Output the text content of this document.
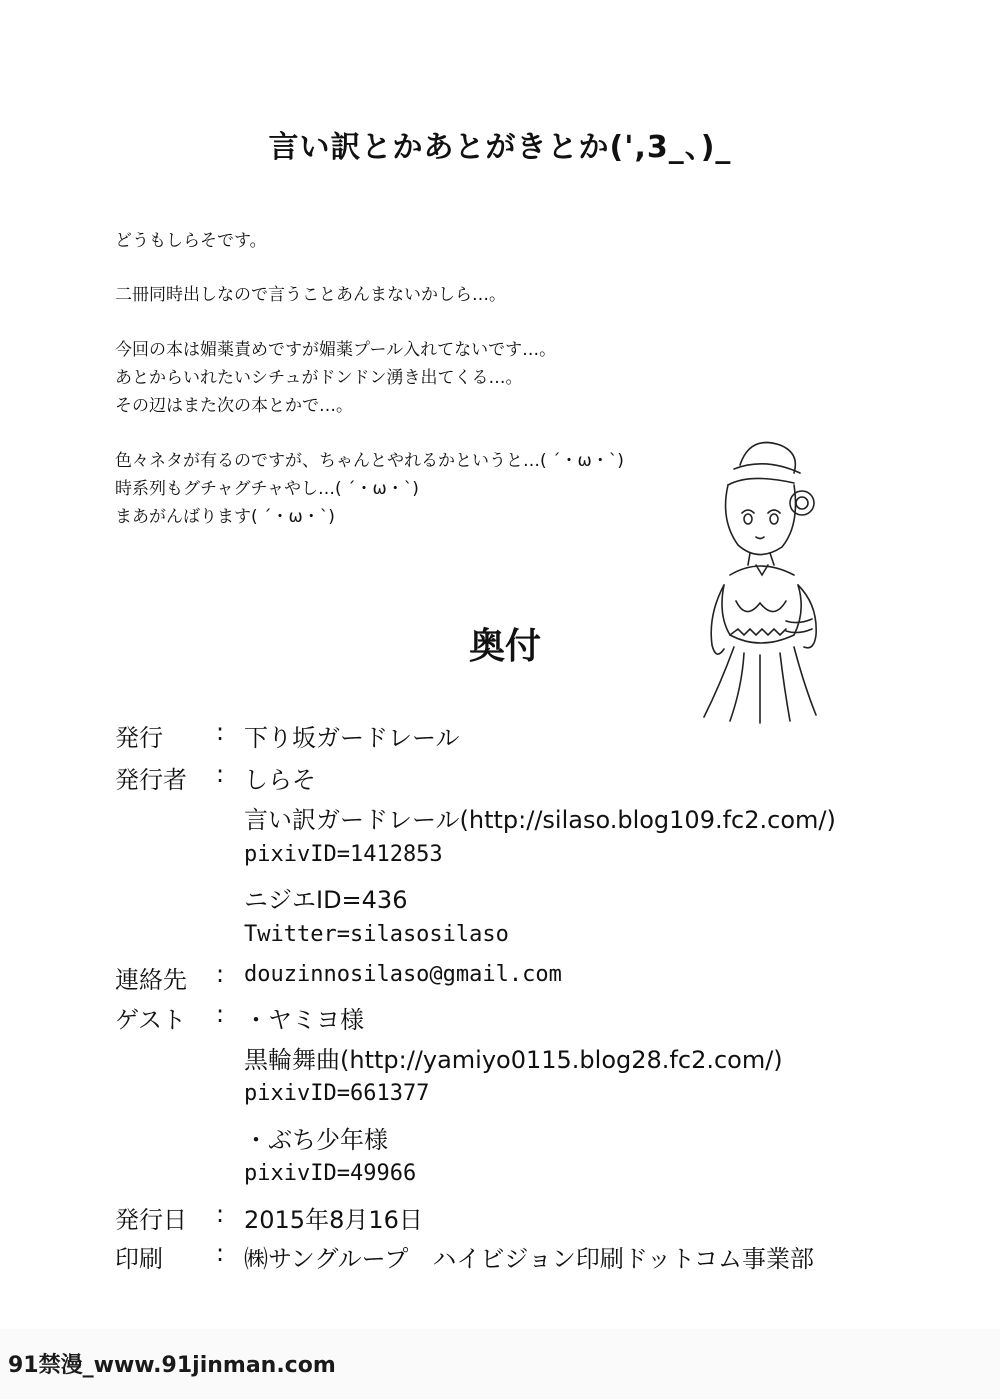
言い訳とかあとがきとか(',3_、)_
どうもしらそです。
二冊同時出しなので言うことあんまないかしら…。
今回の本は媚薬責めですが媚薬プール入れてないです…。
あとからいれたいシチュがドンドン湧き出てくる…。
その辺はまた次の本とかで…。
色々ネタが有るのですが、ちゃんとやれるかというと…( ´・ω・`)
時系列もグチャグチャやし…( ´・ω・`)
まあがんばります( ´・ω・`)
奥付
発行 : 下り坂ガードレール
発行者 : しらそ
言い訳ガードレール(http://silaso.blog109.fc2.com/)
pixivID=1412853
ニジエID=436
Twitter=silasosilaso
連絡先 : douzinnosilaso@gmail.com
ゲスト : ・ヤミヨ様
黒輪舞曲(http://yamiyo0115.blog28.fc2.com/)
pixivID=661377
・ぶち少年様
pixivID=49966
発行日 : 2015年8月16日
印刷 : ㈱サングループ　ハイビジョン印刷ドットコム事業部
91禁漫_www.91jinman.com
